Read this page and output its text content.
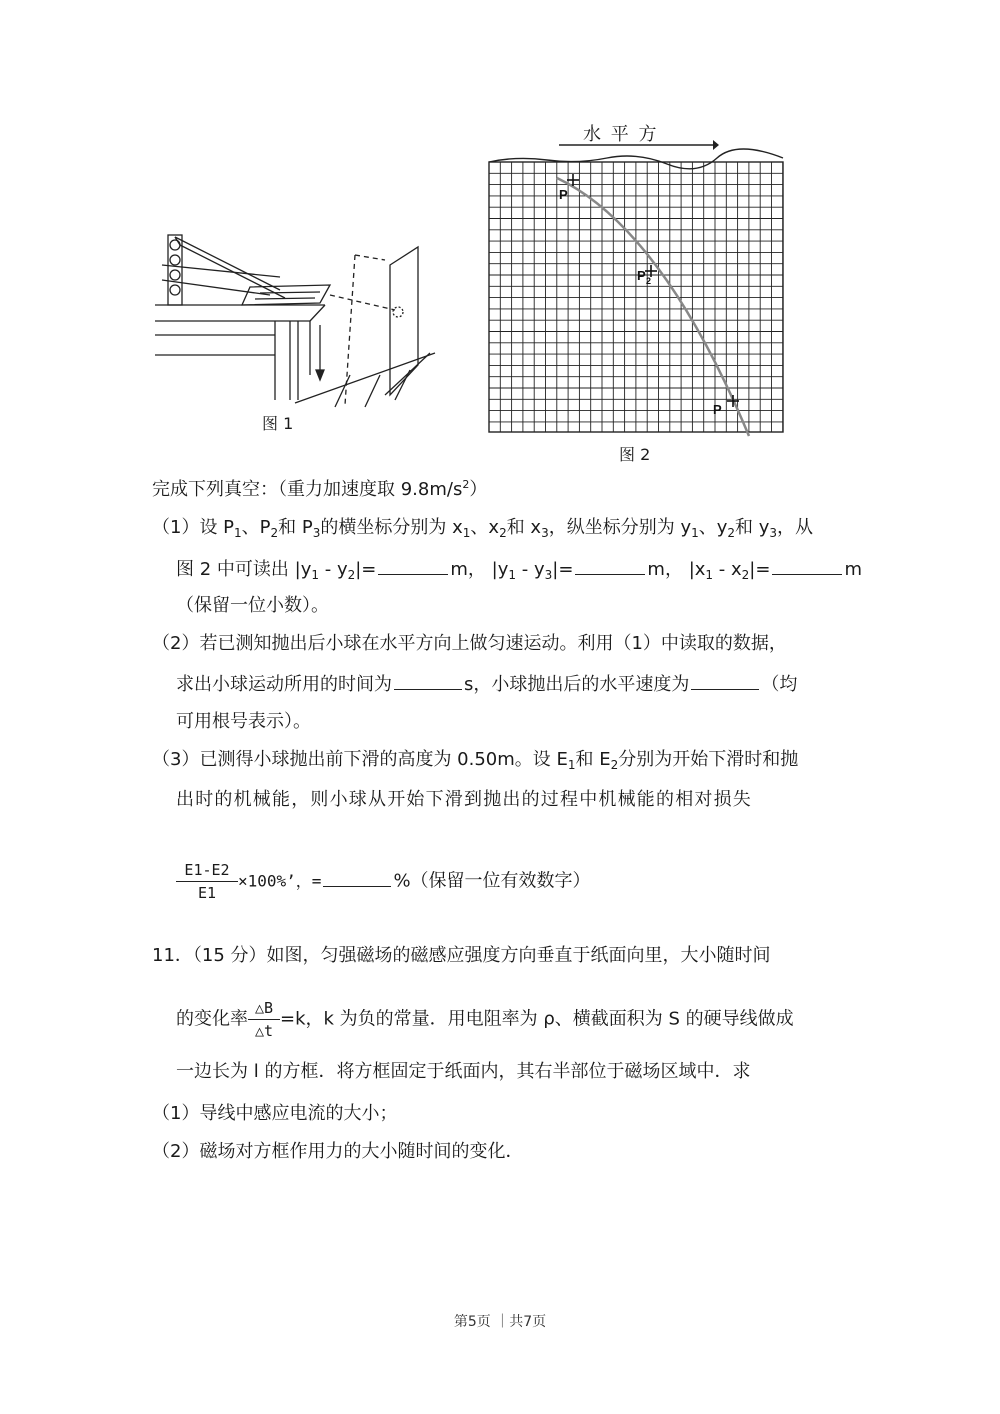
图 1
水 平 方
P
P 2
P
图 2
完成下列真空：（重力加速度取 $9.8m/s^2$）
（1）设 $P_1$、$P_2$和 $P_3$的横坐标分别为 $x_1$、$x_2$和 $x_3$，纵坐标分别为 $y_1$、$y_2$和 $y_3$，从
图 2 中可读出 $|y_1 - y_2|=$	m， $|y_1 - y_3|=$	m， $|x_1 - x_2|=$	m
（保留一位小数）。
（2）若已测知抛出后小球在水平方向上做匀速运动。利用（1）中读取的数据，
求出小球运动所用的时间为	s，小球抛出后的水平速度为	（均
可用根号表示）。
（3）已测得小球抛出前下滑的高度为 0.50m。设 $E_1$和 $E_2$分别为开始下滑时和抛
出时的机械能，则小球从开始下滑到抛出的过程中机械能的相对损失
$\frac{E1-E2}{E1} \times 100\%$’，=	%（保留一位有效数字）
11．（15 分）如图，匀强磁场的磁感应强度方向垂直于纸面向里，大小随时间
的变化率 $\frac{\triangle B}{\triangle t} =k$，k 为负的常量．用电阻率为 ρ、横截面积为 S 的硬导线做成
一边长为 l 的方框．将方框固定于纸面内，其右半部位于磁场区域中．求
（1）导线中感应电流的大小；
（2）磁场对方框作用力的大小随时间的变化．
第5页 ｜共7页
